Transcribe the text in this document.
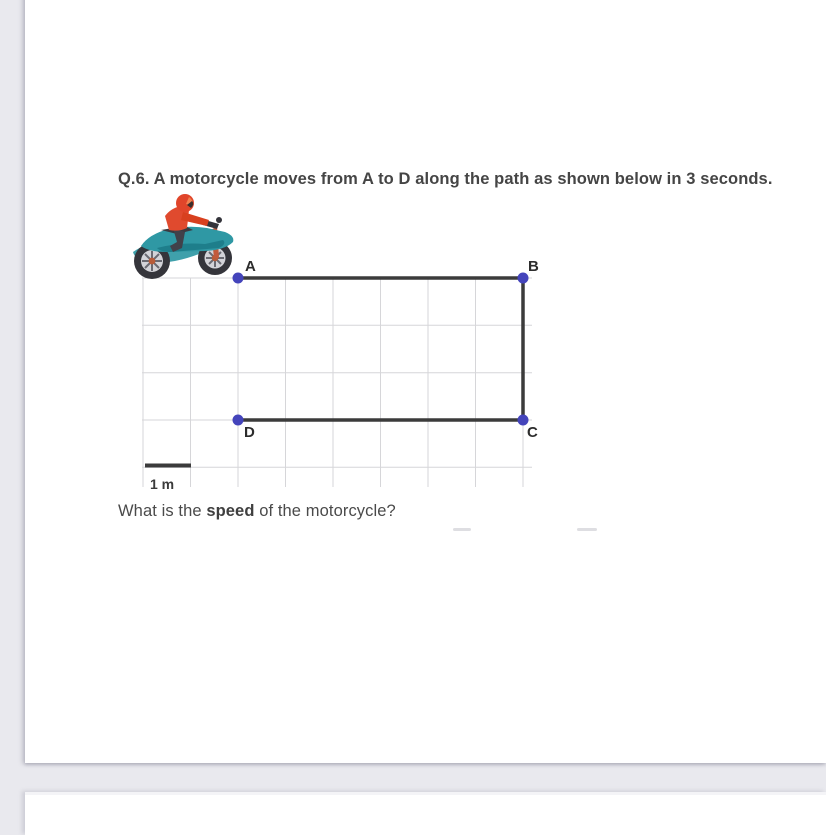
Q.6. A motorcycle moves from A to D along the path as shown below in 3 seconds.
1 m
A	B
C
D
What is the speed of the motorcycle?
